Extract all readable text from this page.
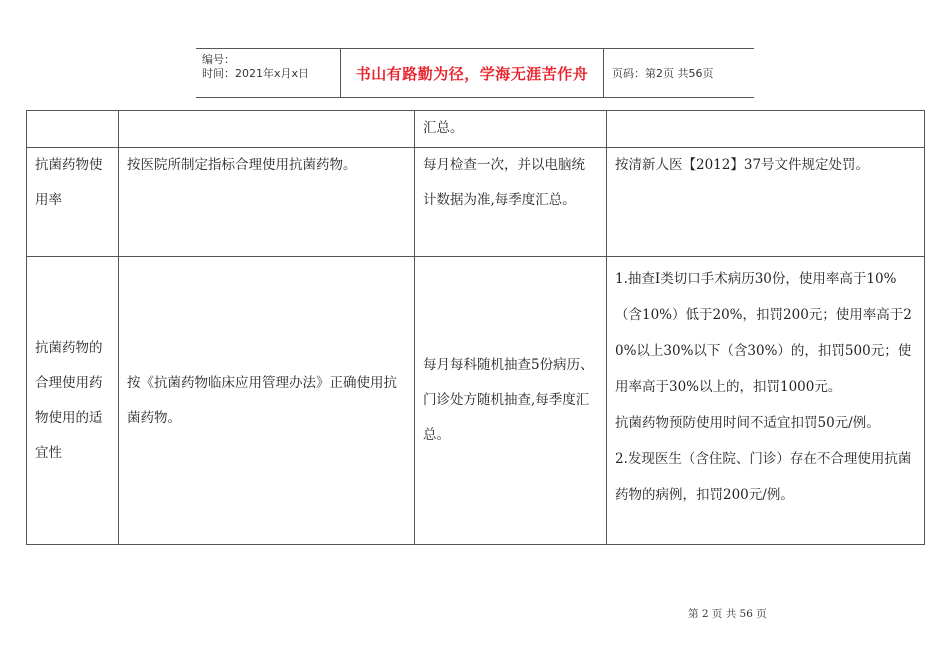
编号：
时间：2021年x月x日	书山有路勤为径，学海无涯苦作舟 页码：第2页 共56页
		汇总。	
抗菌药物使用率	按医院所制定指标合理使用抗菌药物。	每月检查一次，并以电脑统计数据为准,每季度汇总。	按清新人医【2012】37号文件规定处罚。
抗菌药物的合理使用药物使用的适宜性	按《抗菌药物临床应用管理办法》正确使用抗菌药物。	每月每科随机抽查5份病历、门诊处方随机抽查,每季度汇总。	1.抽查I类切口手术病历30份，使用率高于10%（含10%）低于20%，扣罚200元；使用率高于20%以上30%以下（含30%）的，扣罚500元；使用率高于30%以上的，扣罚1000元。
抗菌药物预防使用时间不适宜扣罚50元/例。
2.发现医生（含住院、门诊）存在不合理使用抗菌药物的病例，扣罚200元/例。
第 2 页 共 56 页
